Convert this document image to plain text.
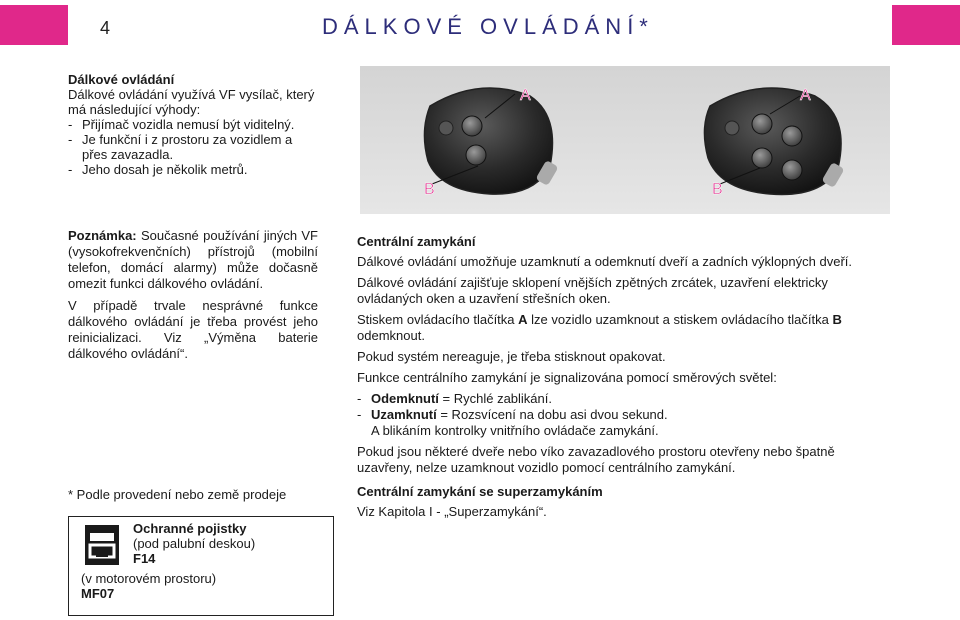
4	DÁLKOVÉ OVLÁDÁNÍ*
Dálkové ovládání
Dálkové ovládání využívá VF vysílač, který má následující výhody:
- Přijímač vozidla nemusí být viditelný.
- Je funkční i z prostoru za vozidlem a přes zavazadla.
- Jeho dosah je několik metrů.

Poznámka: Současné používání jiných VF (vysokofrekvenčních) přístrojů (mobilní telefon, domácí alarmy) může dočasně omezit funkci dálkového ovládání.

V případě trvale nesprávné funkce dálkového ovládání je třeba provést jeho reinicializaci. Viz „Výměna baterie dálkového ovládání“.

A
B
A
B
Centrální zamykání

Dálkové ovládání umožňuje uzamknutí a odemknutí dveří a zadních výklopných dveří.

Dálkové ovládání zajišťuje sklopení vnějších zpětných zrcátek, uzavření elektricky ovládaných oken a uzavření střešních oken.

Stiskem ovládacího tlačítka A lze vozidlo uzamknout a stiskem ovládacího tlačítka B odemknout.

Pokud systém nereaguje, je třeba stisknout opakovat.

Funkce centrálního zamykání je signalizována pomocí směrových světel:

- Odemknutí = Rychlé zablikání.

- Uzamknutí = Rozsvícení na dobu asi dvou sekund.

A blikáním kontrolky vnitřního ovládače zamykání.

Pokud jsou některé dveře nebo víko zavazadlového prostoru otevřeny nebo špatně uzavřeny, nelze uzamknout vozidlo pomocí centrálního zamykání.

Centrální zamykání se superzamykáním

Viz Kapitola I - „Superzamykání“.

* Podle provedení nebo země prodeje
Ochranné pojistky
(pod palubní deskou)
F14
(v motorovém prostoru)
MF07
